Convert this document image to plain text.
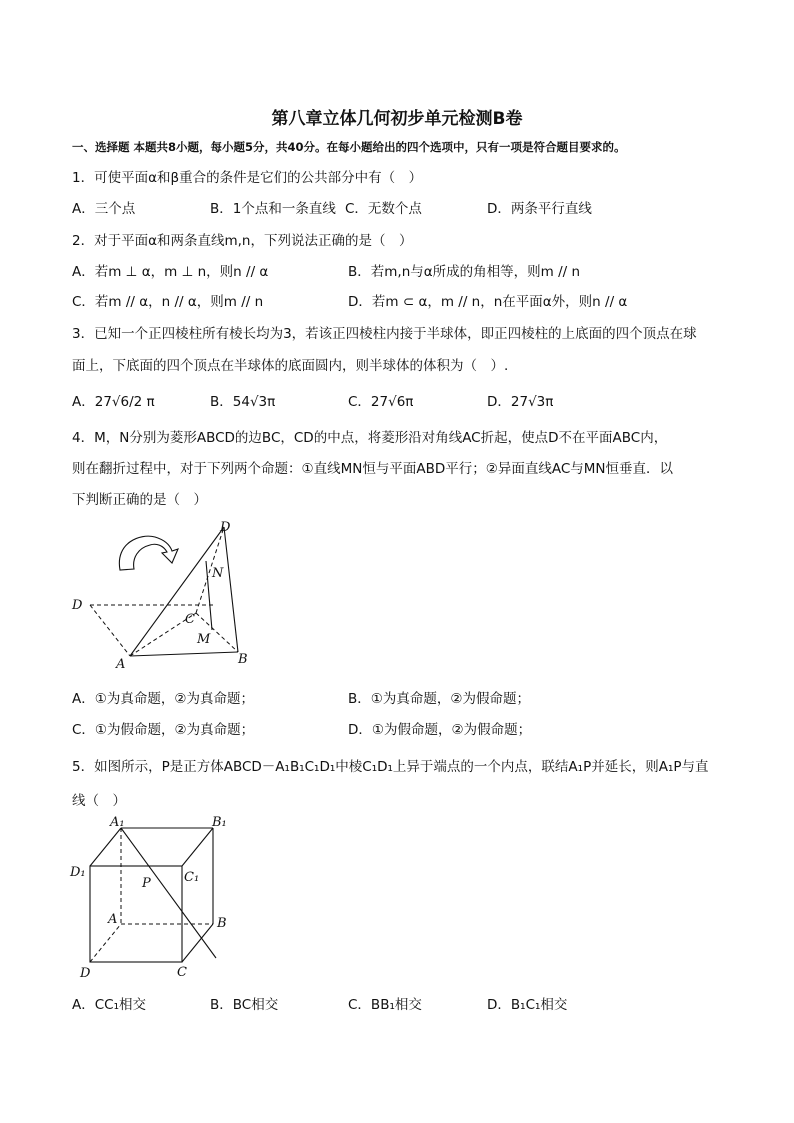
第八章立体几何初步单元检测B卷
一、选择题 本题共8小题，每小题5分，共40分。在每小题给出的四个选项中，只有一项是符合题目要求的。
1．可使平面α和β重合的条件是它们的公共部分中有（　）
A．三个点	B．1个点和一条直线 C．无数个点	D．两条平行直线
2．对于平面α和两条直线m,n，下列说法正确的是（　）
A．若m ⊥ α，m ⊥ n，则n // α	B．若m,n与α所成的角相等，则m // n
C．若m // α，n // α，则m // n	D．若m ⊂ α，m // n，n在平面α外，则n // α
3．已知一个正四棱柱所有棱长均为3，若该正四棱柱内接于半球体，即正四棱柱的上底面的四个顶点在球
面上，下底面的四个顶点在半球体的底面圆内，则半球体的体积为（　）.
A．27√6/2 π	B．54√3π	C．27√6π	D．27√3π
4．M，N分别为菱形ABCD的边BC，CD的中点，将菱形沿对角线AC折起，使点D不在平面ABC内，
则在翻折过程中，对于下列两个命题：①直线MN恒与平面ABD平行；②异面直线AC与MN恒垂直．以
下判断正确的是（　）
D
N
C
M
A	B
D
A．①为真命题，②为真命题；	B．①为真命题，②为假命题；
C．①为假命题，②为真命题；	D．①为假命题，②为假命题；
5．如图所示，P是正方体ABCD－A₁B₁C₁D₁中棱C₁D₁上异于端点的一个内点，联结A₁P并延长，则A₁P与直
线（　）
A₁	B₁
D₁	C₁
P
A	B
D	C
A．CC₁相交	B．BC相交	C．BB₁相交	D．B₁C₁相交
